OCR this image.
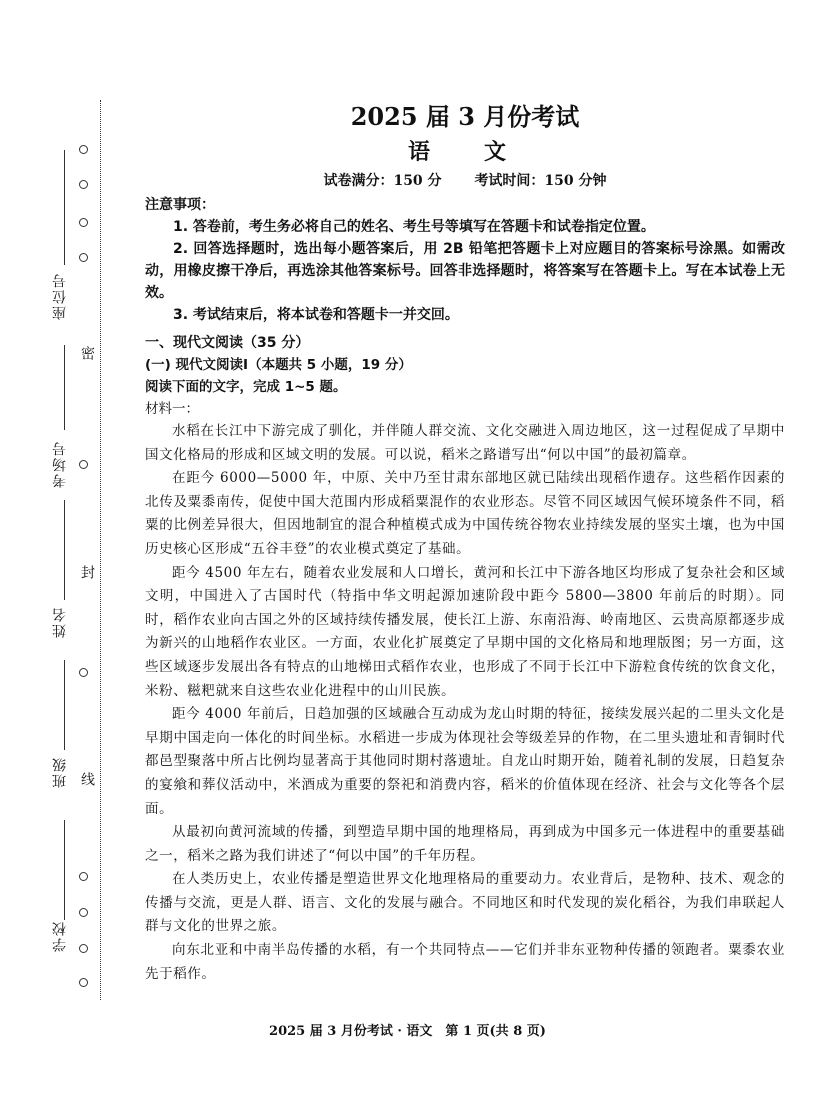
座位号
考场号
姓名
班级
学校
密
封
线
2025 届 3 月份考试
语　文
试卷满分：150 分 考试时间：150 分钟
注意事项：

1. 答卷前，考生务必将自己的姓名、考生号等填写在答题卡和试卷指定位置。

2. 回答选择题时，选出每小题答案后，用 2B 铅笔把答题卡上对应题目的答案标号涂黑。如需改动，用橡皮擦干净后，再选涂其他答案标号。回答非选择题时，将答案写在答题卡上。写在本试卷上无效。

3. 考试结束后，将本试卷和答题卡一并交回。

一、现代文阅读（35 分）
(一) 现代文阅读Ⅰ（本题共 5 小题，19 分）
阅读下面的文字，完成 1~5 题。
材料一：

水稻在长江中下游完成了驯化，并伴随人群交流、文化交融进入周边地区，这一过程促成了早期中国文化格局的形成和区域文明的发展。可以说，稻米之路谱写出“何以中国”的最初篇章。

在距今 6000—5000 年，中原、关中乃至甘肃东部地区就已陆续出现稻作遗存。这些稻作因素的北传及粟黍南传，促使中国大范围内形成稻粟混作的农业形态。尽管不同区域因气候环境条件不同，稻粟的比例差异很大，但因地制宜的混合种植模式成为中国传统谷物农业持续发展的坚实土壤，也为中国历史核心区形成“五谷丰登”的农业模式奠定了基础。

距今 4500 年左右，随着农业发展和人口增长，黄河和长江中下游各地区均形成了复杂社会和区域文明，中国进入了古国时代（特指中华文明起源加速阶段中距今 5800—3800 年前后的时期）。同时，稻作农业向古国之外的区域持续传播发展，使长江上游、东南沿海、岭南地区、云贵高原都逐步成为新兴的山地稻作农业区。一方面，农业化扩展奠定了早期中国的文化格局和地理版图；另一方面，这些区域逐步发展出各有特点的山地梯田式稻作农业，也形成了不同于长江中下游粒食传统的饮食文化，米粉、糍粑就来自这些农业化进程中的山川民族。

距今 4000 年前后，日趋加强的区域融合互动成为龙山时期的特征，接续发展兴起的二里头文化是早期中国走向一体化的时间坐标。水稻进一步成为体现社会等级差异的作物，在二里头遗址和青铜时代都邑型聚落中所占比例均显著高于其他同时期村落遗址。自龙山时期开始，随着礼制的发展，日趋复杂的宴飨和葬仪活动中，米酒成为重要的祭祀和消费内容，稻米的价值体现在经济、社会与文化等各个层面。

从最初向黄河流域的传播，到塑造早期中国的地理格局，再到成为中国多元一体进程中的重要基础之一，稻米之路为我们讲述了“何以中国”的千年历程。

在人类历史上，农业传播是塑造世界文化地理格局的重要动力。农业背后，是物种、技术、观念的传播与交流，更是人群、语言、文化的发展与融合。不同地区和时代发现的炭化稻谷，为我们串联起人群与文化的世界之旅。

向东北亚和中南半岛传播的水稻，有一个共同特点——它们并非东亚物种传播的领跑者。粟黍农业先于稻作。

2025 届 3 月份考试 · 语文　第 1 页(共 8 页)
